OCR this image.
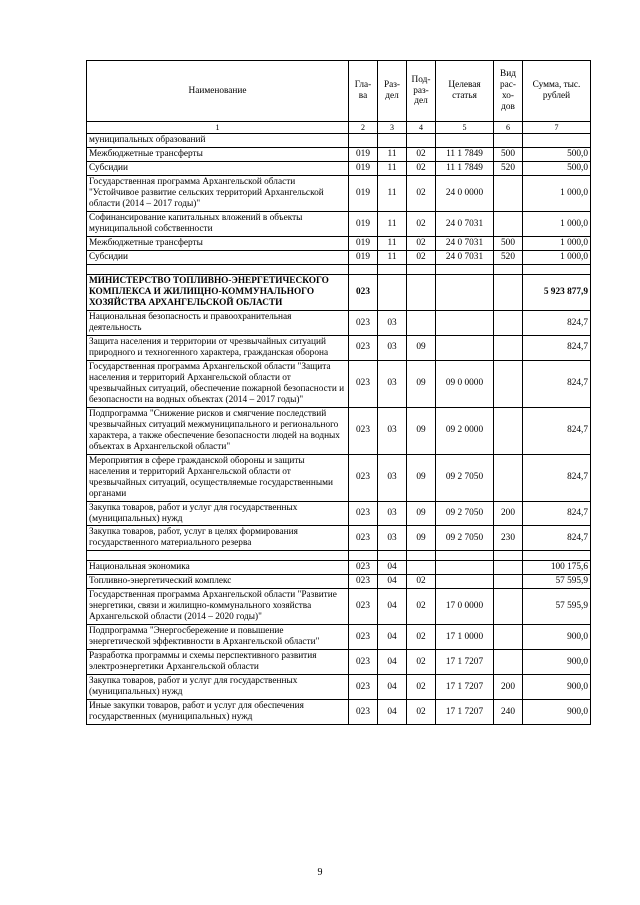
Наименование	Гла-ва	Раз-дел	Под-раз-дел	Целевая статья	Вид рас-хо-дов	Сумма, тыс. рублей
1	2	3	4	5	6	7
муниципальных образований						
Межбюджетные трансферты	019	11	02	11 1 7849	500	500,0
Субсидии	019	11	02	11 1 7849	520	500,0
Государственная программа Архангельской области "Устойчивое развитие сельских территорий Архангельской области (2014 – 2017 годы)"	019	11	02	24 0 0000		1 000,0
Софинансирование капитальных вложений в объекты муниципальной собственности	019	11	02	24 0 7031		1 000,0
Межбюджетные трансферты	019	11	02	24 0 7031	500	1 000,0
Субсидии	019	11	02	24 0 7031	520	1 000,0

МИНИСТЕРСТВО ТОПЛИВНО-ЭНЕРГЕТИЧЕСКОГО КОМПЛЕКСА И ЖИЛИЩНО-КОММУНАЛЬНОГО ХОЗЯЙСТВА АРХАНГЕЛЬСКОЙ ОБЛАСТИ	023					5 923 877,9
Национальная безопасность и правоохранительная деятельность	023	03				824,7
Защита населения и территории от чрезвычайных ситуаций природного и техногенного характера, гражданская оборона	023	03	09			824,7
Государственная программа Архангельской области "Защита населения и территорий Архангельской области от чрезвычайных ситуаций, обеспечение пожарной безопасности и безопасности на водных объектах (2014 – 2017 годы)"	023	03	09	09 0 0000		824,7
Подпрограмма "Снижение рисков и смягчение последствий чрезвычайных ситуаций межмуниципального и регионального характера, а также обеспечение безопасности людей на водных объектах в Архангельской области"	023	03	09	09 2 0000		824,7
Мероприятия в сфере гражданской обороны и защиты населения и территорий Архангельской области от чрезвычайных ситуаций, осуществляемые государственными органами	023	03	09	09 2 7050		824,7
Закупка товаров, работ и услуг для государственных (муниципальных) нужд	023	03	09	09 2 7050	200	824,7
Закупка товаров, работ, услуг в целях формирования государственного материального резерва	023	03	09	09 2 7050	230	824,7

Национальная экономика	023	04				100 175,6
Топливно-энергетический комплекс	023	04	02			57 595,9
Государственная программа Архангельской области "Развитие энергетики, связи и жилищно-коммунального хозяйства Архангельской области (2014 – 2020 годы)"	023	04	02	17 0 0000		57 595,9
Подпрограмма "Энергосбережение и повышение энергетической эффективности в Архангельской области"	023	04	02	17 1 0000		900,0
Разработка программы и схемы перспективного развития электроэнергетики Архангельской области	023	04	02	17 1 7207		900,0
Закупка товаров, работ и услуг для государственных (муниципальных) нужд	023	04	02	17 1 7207	200	900,0
Иные закупки товаров, работ и услуг для обеспечения государственных (муниципальных) нужд	023	04	02	17 1 7207	240	900,0
9
